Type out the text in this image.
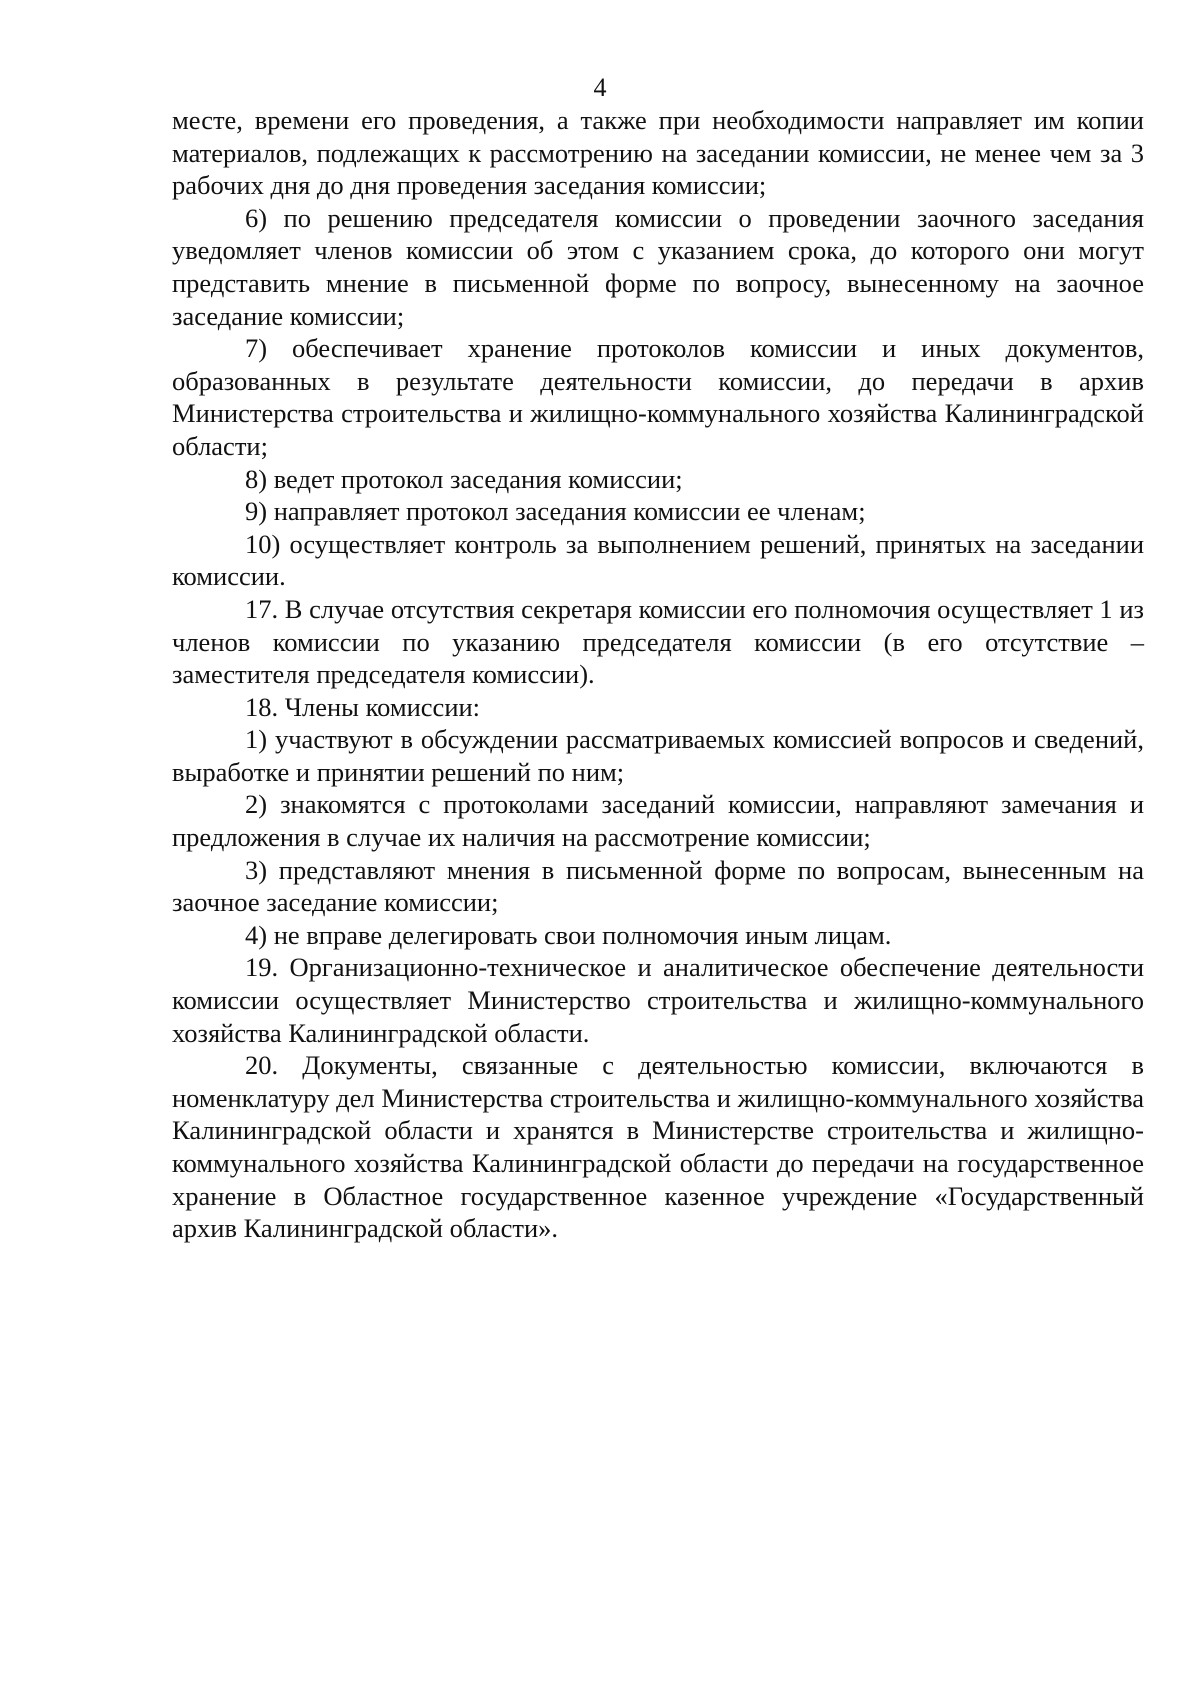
4

месте, времени его проведения, а также при необходимости направляет им копии материалов, подлежащих к рассмотрению на заседании комиссии, не менее чем за 3 рабочих дня до дня проведения заседания комиссии;

6) по решению председателя комиссии о проведении заочного заседания уведомляет членов комиссии об этом с указанием срока, до которого они могут представить мнение в письменной форме по вопросу, вынесенному на заочное заседание комиссии;

7) обеспечивает хранение протоколов комиссии и иных документов, образованных в результате деятельности комиссии, до передачи в архив Министерства строительства и жилищно-коммунального хозяйства Калининградской области;

8) ведет протокол заседания комиссии;

9) направляет протокол заседания комиссии ее членам;

10) осуществляет контроль за выполнением решений, принятых на заседании комиссии.

17. В случае отсутствия секретаря комиссии его полномочия осуществляет 1 из членов комиссии по указанию председателя комиссии (в его отсутствие – заместителя председателя комиссии).

18. Члены комиссии:

1) участвуют в обсуждении рассматриваемых комиссией вопросов и сведений, выработке и принятии решений по ним;

2) знакомятся с протоколами заседаний комиссии, направляют замечания и предложения в случае их наличия на рассмотрение комиссии;

3) представляют мнения в письменной форме по вопросам, вынесенным на заочное заседание комиссии;

4) не вправе делегировать свои полномочия иным лицам.

19. Организационно-техническое и аналитическое обеспечение деятельности комиссии осуществляет Министерство строительства и жилищно-коммунального хозяйства Калининградской области.

20. Документы, связанные с деятельностью комиссии, включаются в номенклатуру дел Министерства строительства и жилищно-коммунального хозяйства Калининградской области и хранятся в Министерстве строительства и жилищно-коммунального хозяйства Калининградской области до передачи на государственное хранение в Областное государственное казенное учреждение «Государственный архив Калининградской области».
